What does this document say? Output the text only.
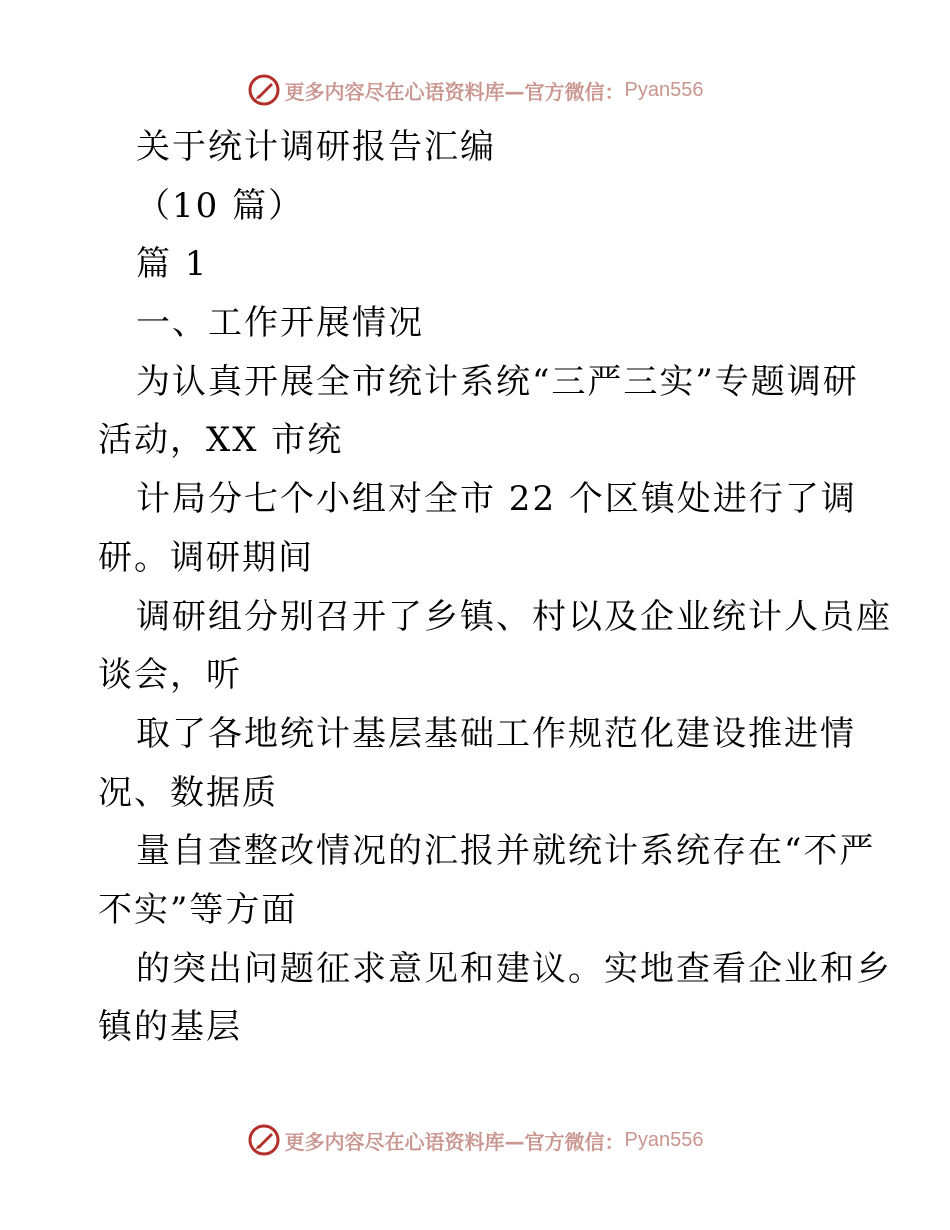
更多内容尽在心语资料库—官方微信： Pyan556
关于统计调研报告汇编
（10 篇）
篇 1
一、工作开展情况
为认真开展全市统计系统“三严三实”专题调研
活动，XX 市统
计局分七个小组对全市 22 个区镇处进行了调
研。调研期间
调研组分别召开了乡镇、村以及企业统计人员座
谈会，听
取了各地统计基层基础工作规范化建设推进情
况、数据质
量自查整改情况的汇报并就统计系统存在“不严
不实”等方面
的突出问题征求意见和建议。实地查看企业和乡
镇的基层
更多内容尽在心语资料库—官方微信： Pyan556
